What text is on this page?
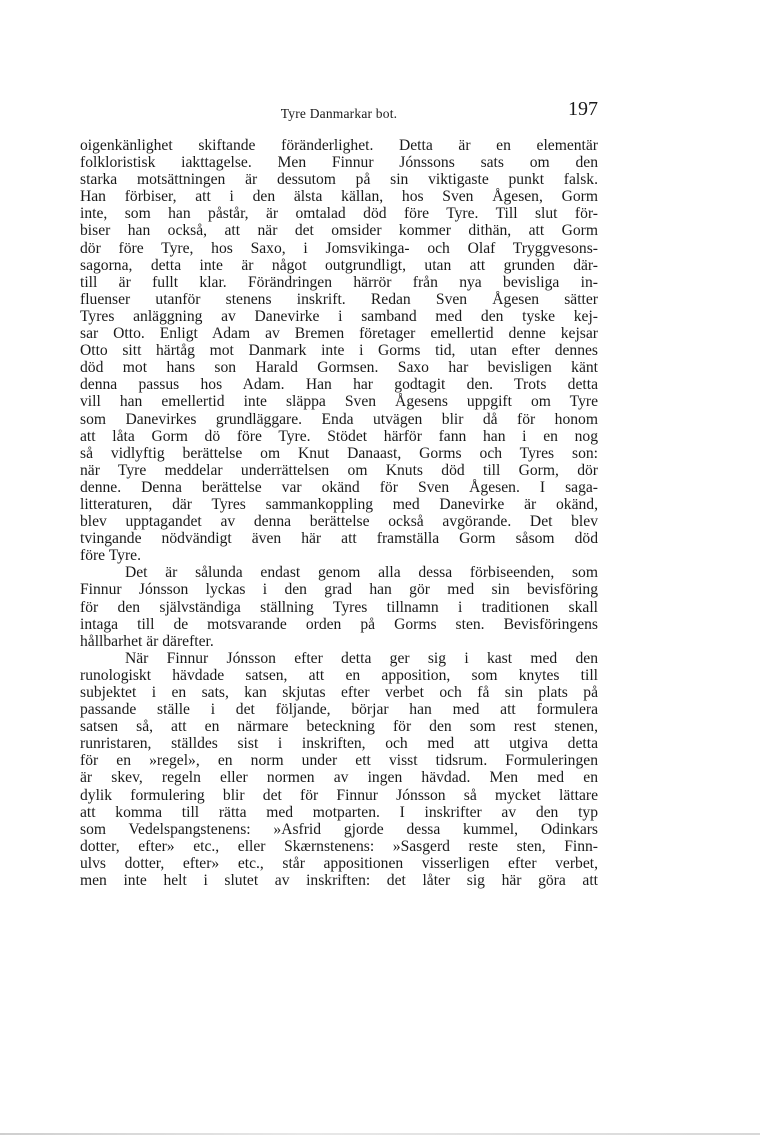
Tyre Danmarkar bot.	197
oigenkänlighet skiftande föränderlighet. Detta är en elementär
folkloristisk iakttagelse. Men Finnur Jónssons sats om den
starka motsättningen är dessutom på sin viktigaste punkt falsk.
Han förbiser, att i den älsta källan, hos Sven Ågesen, Gorm
inte, som han påstår, är omtalad död före Tyre. Till slut för-
biser han också, att när det omsider kommer dithän, att Gorm
dör före Tyre, hos Saxo, i Jomsvikinga- och Olaf Tryggvesons-
sagorna, detta inte är något outgrundligt, utan att grunden där-
till är fullt klar. Förändringen härrör från nya bevisliga in-
fluenser utanför stenens inskrift. Redan Sven Ågesen sätter
Tyres anläggning av Danevirke i samband med den tyske kej-
sar Otto. Enligt Adam av Bremen företager emellertid denne kejsar
Otto sitt härtåg mot Danmark inte i Gorms tid, utan efter dennes
död mot hans son Harald Gormsen. Saxo har bevisligen känt
denna passus hos Adam. Han har godtagit den. Trots detta
vill han emellertid inte släppa Sven Ågesens uppgift om Tyre
som Danevirkes grundläggare. Enda utvägen blir då för honom
att låta Gorm dö före Tyre. Stödet härför fann han i en nog
så vidlyftig berättelse om Knut Danaast, Gorms och Tyres son:
när Tyre meddelar underrättelsen om Knuts död till Gorm, dör
denne. Denna berättelse var okänd för Sven Ågesen. I saga-
litteraturen, där Tyres sammankoppling med Danevirke är okänd,
blev upptagandet av denna berättelse också avgörande. Det blev
tvingande nödvändigt även här att framställa Gorm såsom död
före Tyre.
Det är sålunda endast genom alla dessa förbiseenden, som
Finnur Jónsson lyckas i den grad han gör med sin bevisföring
för den självständiga ställning Tyres tillnamn i traditionen skall
intaga till de motsvarande orden på Gorms sten. Bevisföringens
hållbarhet är därefter.
När Finnur Jónsson efter detta ger sig i kast med den
runologiskt hävdade satsen, att en apposition, som knytes till
subjektet i en sats, kan skjutas efter verbet och få sin plats på
passande ställe i det följande, börjar han med att formulera
satsen så, att en närmare beteckning för den som rest stenen,
runristaren, ställdes sist i inskriften, och med att utgiva detta
för en »regel», en norm under ett visst tidsrum. Formuleringen
är skev, regeln eller normen av ingen hävdad. Men med en
dylik formulering blir det för Finnur Jónsson så mycket lättare
att komma till rätta med motparten. I inskrifter av den typ
som Vedelspangstenens: »Asfrid gjorde dessa kummel, Odinkars
dotter, efter» etc., eller Skærnstenens: »Sasgerd reste sten, Finn-
ulvs dotter, efter» etc., står appositionen visserligen efter verbet,
men inte helt i slutet av inskriften: det låter sig här göra att
